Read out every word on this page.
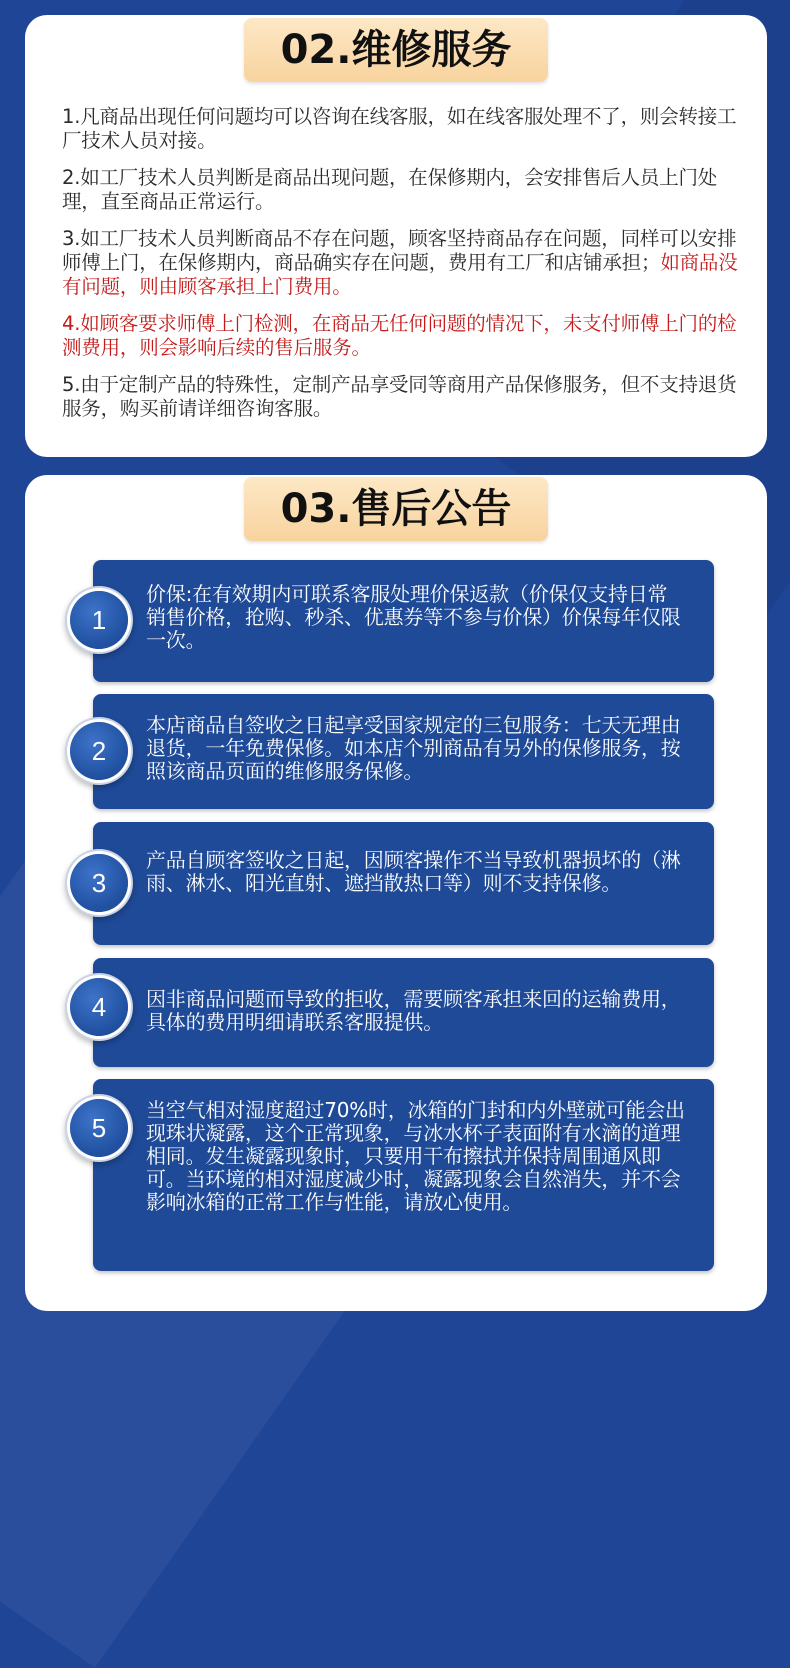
02.维修服务

1.凡商品出现任何问题均可以咨询在线客服，如在线客服处理不了，则会转接工厂技术人员对接。

2.如工厂技术人员判断是商品出现问题，在保修期内，会安排售后人员上门处理，直至商品正常运行。

3.如工厂技术人员判断商品不存在问题，顾客坚持商品存在问题，同样可以安排师傅上门，在保修期内，商品确实存在问题，费用有工厂和店铺承担；如商品没有问题，则由顾客承担上门费用。

4.如顾客要求师傅上门检测，在商品无任何问题的情况下，未支付师傅上门的检测费用，则会影响后续的售后服务。

5.由于定制产品的特殊性，定制产品享受同等商用产品保修服务，但不支持退货服务，购买前请详细咨询客服。

03.售后公告
价保:在有效期内可联系客服处理价保返款（价保仅支持日常销售价格，抢购、秒杀、优惠券等不参与价保）价保每年仅限一次。
本店商品自签收之日起享受国家规定的三包服务：七天无理由退货，一年免费保修。如本店个别商品有另外的保修服务，按照该商品页面的维修服务保修。
产品自顾客签收之日起，因顾客操作不当导致机器损坏的（淋雨、淋水、阳光直射、遮挡散热口等）则不支持保修。
因非商品问题而导致的拒收，需要顾客承担来回的运输费用，具体的费用明细请联系客服提供。
当空气相对湿度超过70%时，冰箱的门封和内外壁就可能会出现珠状凝露，这个正常现象，与冰水杯子表面附有水滴的道理相同。发生凝露现象时，只要用干布擦拭并保持周围通风即可。当环境的相对湿度减少时，凝露现象会自然消失，并不会影响冰箱的正常工作与性能，请放心使用。
1
2
3
4
5
